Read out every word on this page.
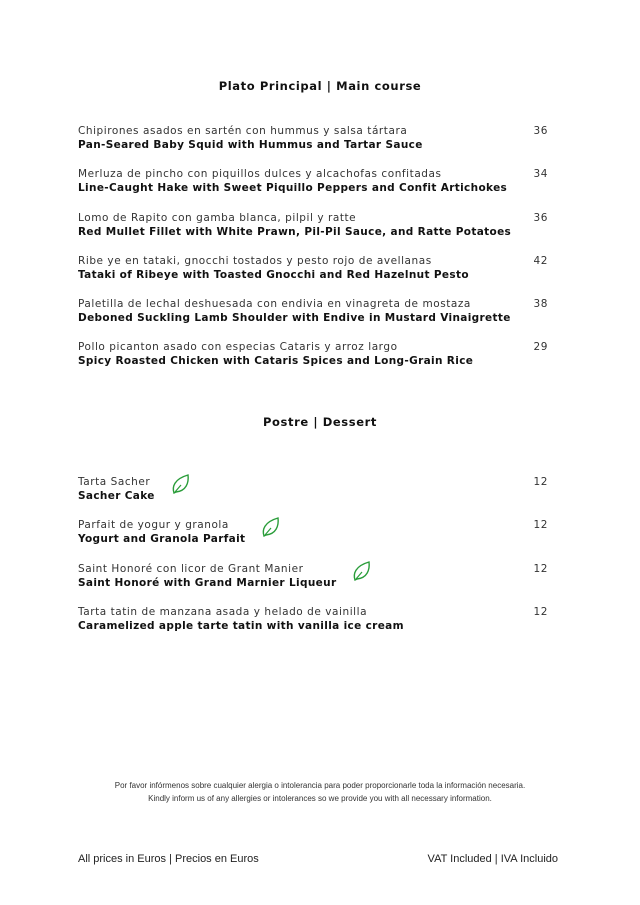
Plato Principal | Main course
Chipirones asados en sartén con hummus y salsa tártara
Pan-Seared Baby Squid with Hummus and Tartar Sauce
36
Merluza de pincho con piquillos dulces y alcachofas confitadas
Line-Caught Hake with Sweet Piquillo Peppers and Confit Artichokes
34
Lomo de Rapito con gamba blanca, pilpil y ratte
Red Mullet Fillet with White Prawn, Pil-Pil Sauce, and Ratte Potatoes
36
Ribe ye en tataki, gnocchi tostados y pesto rojo de avellanas
Tataki of Ribeye with Toasted Gnocchi and Red Hazelnut Pesto
42
Paletilla de lechal deshuesada con endivia en vinagreta de mostaza
Deboned Suckling Lamb Shoulder with Endive in Mustard Vinaigrette
38
Pollo picanton asado con especias Cataris y arroz largo
Spicy Roasted Chicken with Cataris Spices and Long-Grain Rice
29
Postre | Dessert
Tarta Sacher
Sacher Cake
12
Parfait de yogur y granola
Yogurt and Granola Parfait
12
Saint Honoré con licor de Grant Manier
Saint Honoré with Grand Marnier Liqueur
12
Tarta tatin de manzana asada y helado de vainilla
Caramelized apple tarte tatin with vanilla ice cream
12
Por favor infórmenos sobre cualquier alergia o intolerancia para poder proporcionarle toda la información necesaria.
Kindly inform us of any allergies or intolerances so we provide you with all necessary information.
All prices in Euros | Precios en Euros	VAT Included | IVA Incluido
